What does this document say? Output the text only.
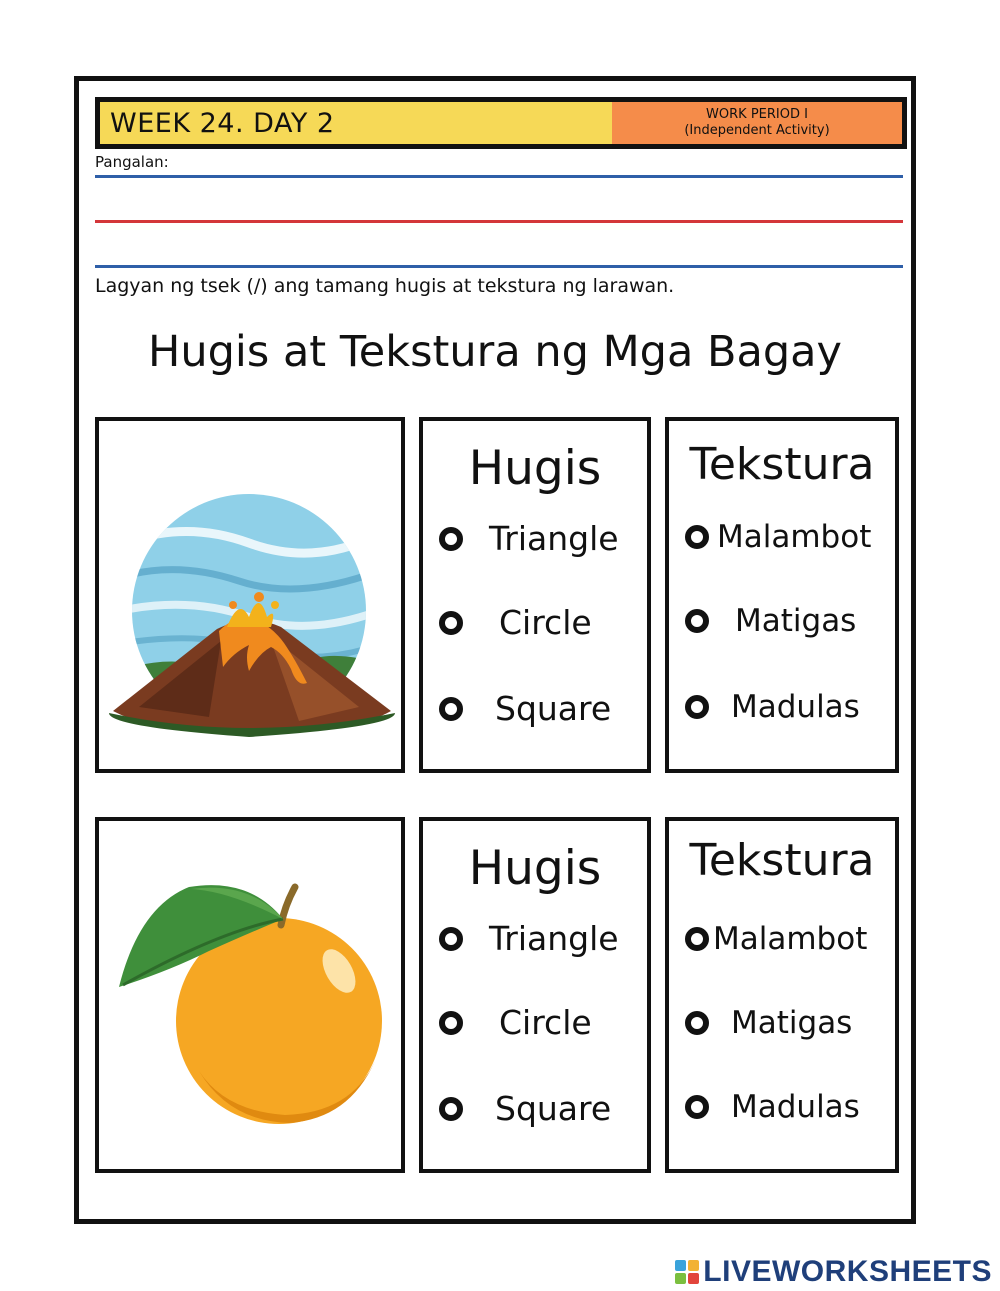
WEEK 24. DAY 2	WORK PERIOD I
(Independent Activity)
Pangalan:
Lagyan ng tsek (/) ang tamang hugis at tekstura ng larawan.
Hugis at Tekstura ng Mga Bagay
Hugis
Triangle
Circle
Square
Tekstura
Malambot
Matigas
Madulas
Hugis
Triangle
Circle
Square
Tekstura
Malambot
Matigas
Madulas
LIVEWORKSHEETS
